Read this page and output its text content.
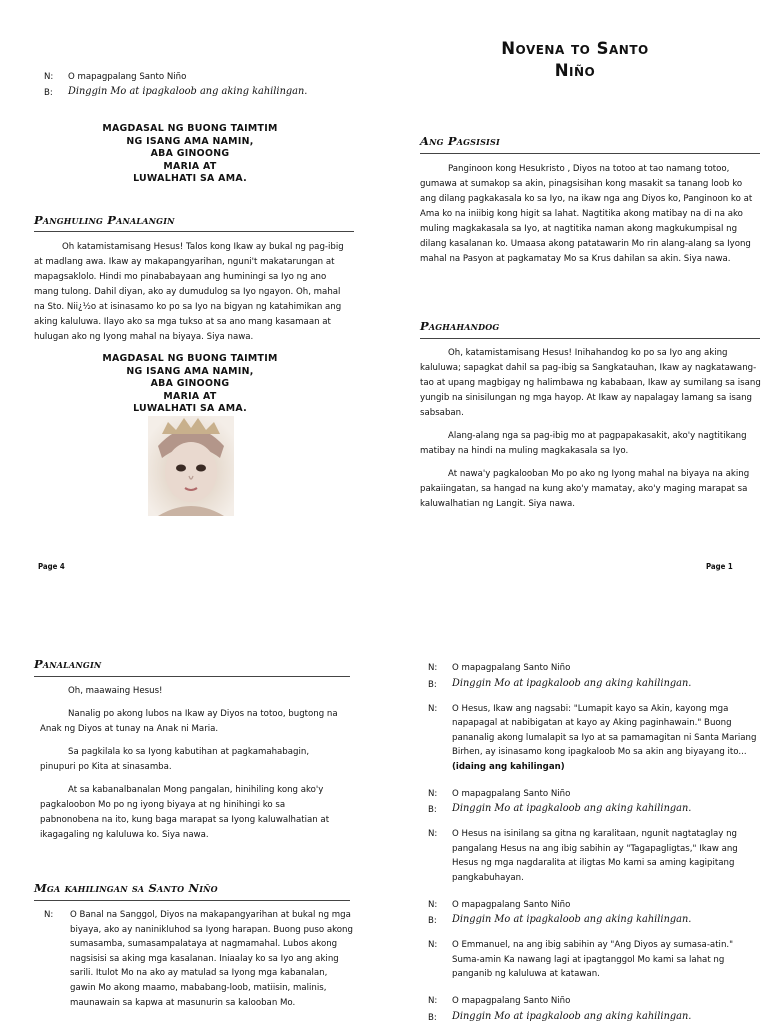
N:	O mapagpalang Santo Niño
B:	Dinggin Mo at ipagkaloob ang aking kahilingan.
MAGDASAL NG BUONG TAIMTIM
NG ISANG AMA NAMIN,
ABA GINOONG
MARIA AT
LUWALHATI SA AMA.
Panghuling Panalangin

Oh katamistamisang Hesus! Talos kong Ikaw ay bukal ng pag-ibig at madlang awa. Ikaw ay makapangyarihan, nguni't makatarungan at mapagsaklolo. Hindi mo pinababayaan ang huminingi sa Iyo ng ano mang tulong. Dahil diyan, ako ay dumudulog sa Iyo ngayon. Oh, mahal na Sto. Nii¿½o at isinasamo ko po sa Iyo na bigyan ng katahimikan ang aking kaluluwa. Ilayo ako sa mga tukso at sa ano mang kasamaan at hulugan ako ng Iyong mahal na biyaya. Siya nawa.

MAGDASAL NG BUONG TAIMTIM
NG ISANG AMA NAMIN,
ABA GINOONG
MARIA AT
LUWALHATI SA AMA.
Page 4
Novena to Santo
Niño
Ang Pagsisisi

Panginoon kong Hesukristo , Diyos na totoo at tao namang totoo, gumawa at sumakop sa akin, pinagsisihan kong masakit sa tanang loob ko ang dilang pagkakasala ko sa Iyo, na ikaw nga ang Diyos ko, Panginoon ko at Ama ko na iniibig kong higit sa lahat. Nagtitika akong matibay na di na ako muling magkakasala sa Iyo, at nagtitika naman akong magkukumpisal ng dilang kasalanan ko. Umaasa akong patatawarin Mo rin alang-alang sa Iyong mahal na Pasyon at pagkamatay Mo sa Krus dahilan sa akin. Siya nawa.

Paghahandog

Oh, katamistamisang Hesus! Inihahandog ko po sa Iyo ang aking kaluluwa; sapagkat dahil sa pag-ibig sa Sangkatauhan, Ikaw ay nagkatawang-tao at upang magbigay ng halimbawa ng kababaan, Ikaw ay sumilang sa isang yungib na sinisilungan ng mga hayop. At Ikaw ay napalagay lamang sa isang sabsaban.

Alang-alang nga sa pag-ibig mo at pagpapakasakit, ako'y nagtitikang matibay na hindi na muling magkakasala sa Iyo.

At nawa'y pagkalooban Mo po ako ng Iyong mahal na biyaya na aking pakaiingatan, sa hangad na kung ako'y mamatay, ako'y maging marapat sa kaluwalhatian ng Langit. Siya nawa.

Page 1
Panalangin

Oh, maawaing Hesus!

Nanalig po akong lubos na Ikaw ay Diyos na totoo, bugtong na Anak ng Diyos at tunay na Anak ni Maria.

Sa pagkilala ko sa Iyong kabutihan at pagkamahabagin, pinupuri po Kita at sinasamba.

At sa kabanalbanalan Mong pangalan, hinihiling kong ako'y pagkaloobon Mo po ng iyong biyaya at ng hinihingi ko sa pabnonobena na ito, kung baga marapat sa Iyong kaluwalhatian at ikagagaling ng kaluluwa ko. Siya nawa.

Mga kahilingan sa Santo Niño
N:	O Banal na Sanggol, Diyos na makapangyarihan at bukal ng mga biyaya, ako ay naninikluhod sa Iyong harapan. Buong puso akong sumasamba, sumasampalataya at nagmamahal. Lubos akong nagsisisi sa aking mga kasalanan. Iniaalay ko sa Iyo ang aking sarili. Itulot Mo na ako ay matulad sa Iyong mga kabanalan, gawin Mo akong maamo, mababang-loob, matiisin, malinis, maunawain sa kapwa at masunurin sa kalooban Mo.
N:	O mapagpalang Santo Niño
B:	Dinggin Mo at ipagkaloob ang aking kahilingan.
N:	O Hesus, Ikaw ang nagsabi: "Lumapit kayo sa Akin, kayong mga napapagal at nabibigatan at kayo ay Aking paginhawain." Buong pananalig akong lumalapit sa Iyo at sa pamamagitan ni Santa Mariang Birhen, ay isinasamo kong ipagkaloob Mo sa akin ang biyayang ito...(idaing ang kahilingan)
N:	O mapagpalang Santo Niño
B:	Dinggin Mo at ipagkaloob ang aking kahilingan.
N:	O Hesus na isinilang sa gitna ng karalitaan, ngunit nagtataglay ng pangalang Hesus na ang ibig sabihin ay "Tagapagligtas," Ikaw ang Hesus ng mga nagdaralita at iligtas Mo kami sa aming kagipitang pangkabuhayan.
N:	O mapagpalang Santo Niño
B:	Dinggin Mo at ipagkaloob ang aking kahilingan.
N:	O Emmanuel, na ang ibig sabihin ay "Ang Diyos ay sumasa-atin." Suma-amin Ka nawang lagi at ipagtanggol Mo kami sa lahat ng panganib ng kaluluwa at katawan.
N:	O mapagpalang Santo Niño
B:	Dinggin Mo at ipagkaloob ang aking kahilingan.
